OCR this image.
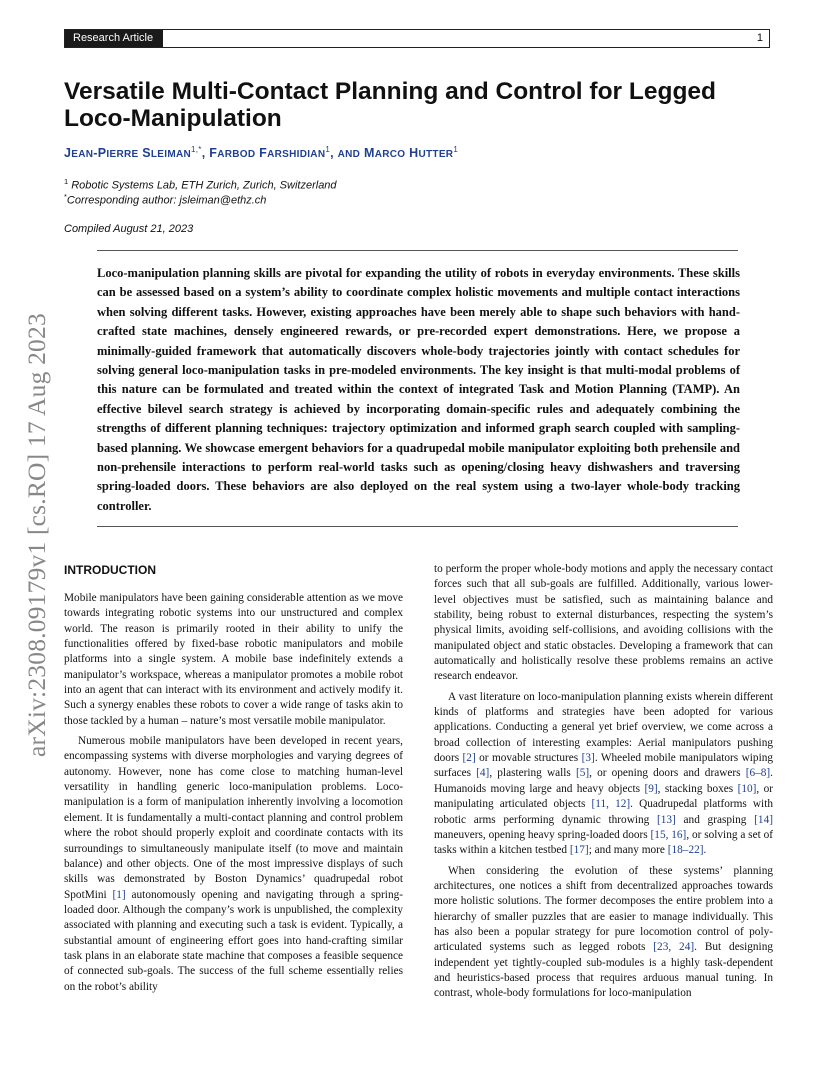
Research Article	1
arXiv:2308.09179v1 [cs.RO] 17 Aug 2023
Versatile Multi-Contact Planning and Control for Legged
Loco-Manipulation
JEAN-PIERRE $SLEIMAN^{1,*}$, FARBOD FARSHIDIAN$^1$, AND MARCO HUTTER$^1$
$^1$ Robotic Systems Lab, ETH Zurich, Zurich, Switzerland
*Corresponding author: jsleiman@ethz.ch
Compiled August 21, 2023
Loco-manipulation planning skills are pivotal for expanding the utility of robots in everyday environments. These skills can be assessed based on a system’s ability to coordinate complex holistic movements and multiple contact interactions when solving different tasks. However, existing approaches have been merely able to shape such behaviors with hand-crafted state machines, densely engineered rewards, or pre-recorded expert demonstrations. Here, we propose a minimally-guided framework that automatically discovers whole-body trajectories jointly with contact schedules for solving general loco-manipulation tasks in pre-modeled environments. The key insight is that multi-modal problems of this nature can be formulated and treated within the context of integrated Task and Motion Planning (TAMP). An effective bilevel search strategy is achieved by incorporating domain-specific rules and adequately combining the strengths of different planning techniques: trajectory optimization and informed graph search coupled with sampling-based planning. We showcase emergent behaviors for a quadrupedal mobile manipulator exploiting both prehensile and non-prehensile interactions to perform real-world tasks such as opening/closing heavy dishwashers and traversing spring-loaded doors. These behaviors are also deployed on the real system using a two-layer whole-body tracking controller.
INTRODUCTION

Mobile manipulators have been gaining considerable attention as we move towards integrating robotic systems into our unstructured and complex world. The reason is primarily rooted in their ability to unify the functionalities offered by fixed-base robotic manipulators and mobile platforms into a single system. A mobile base indefinitely extends a manipulator’s workspace, whereas a manipulator promotes a mobile robot into an agent that can interact with its environment and actively modify it. Such a synergy enables these robots to cover a wide range of tasks akin to those tackled by a human – nature’s most versatile mobile manipulator.

Numerous mobile manipulators have been developed in recent years, encompassing systems with diverse morphologies and varying degrees of autonomy. However, none has come close to matching human-level versatility in handling generic loco-manipulation problems. Loco-manipulation is a form of manipulation inherently involving a locomotion element. It is fundamentally a multi-contact planning and control problem where the robot should properly exploit and coordinate contacts with its surroundings to simultaneously manipulate itself (to move and maintain balance) and other objects. One of the most impressive displays of such skills was demonstrated by Boston Dynamics’ quadrupedal robot SpotMini [1] autonomously opening and navigating through a spring-loaded door. Although the company’s work is unpublished, the complexity associated with planning and executing such a task is evident. Typically, a substantial amount of engineering effort goes into hand-crafting similar task plans in an elaborate state machine that composes a feasible sequence of connected sub-goals. The success of the full scheme essentially relies on the robot’s ability

to perform the proper whole-body motions and apply the necessary contact forces such that all sub-goals are fulfilled. Additionally, various lower-level objectives must be satisfied, such as maintaining balance and stability, being robust to external disturbances, respecting the system’s physical limits, avoiding self-collisions, and avoiding collisions with the manipulated object and static obstacles. Developing a framework that can automatically and holistically resolve these problems remains an active research endeavor.

A vast literature on loco-manipulation planning exists wherein different kinds of platforms and strategies have been adopted for various applications. Conducting a general yet brief overview, we come across a broad collection of interesting examples: Aerial manipulators pushing doors [2] or movable structures [3]. Wheeled mobile manipulators wiping surfaces [4], plastering walls [5], or opening doors and drawers [6–8]. Humanoids moving large and heavy objects [9], stacking boxes [10], or manipulating articulated objects [11, 12]. Quadrupedal platforms with robotic arms performing dynamic throwing [13] and grasping [14] maneuvers, opening heavy spring-loaded doors [15, 16], or solving a set of tasks within a kitchen testbed [17]; and many more [18–22].

When considering the evolution of these systems’ planning architectures, one notices a shift from decentralized approaches towards more holistic solutions. The former decomposes the entire problem into a hierarchy of smaller puzzles that are easier to manage individually. This has also been a popular strategy for pure locomotion control of poly-articulated systems such as legged robots [23, 24]. But designing independent yet tightly-coupled sub-modules is a highly task-dependent and heuristics-based process that requires arduous manual tuning. In contrast, whole-body formulations for loco-manipulation
